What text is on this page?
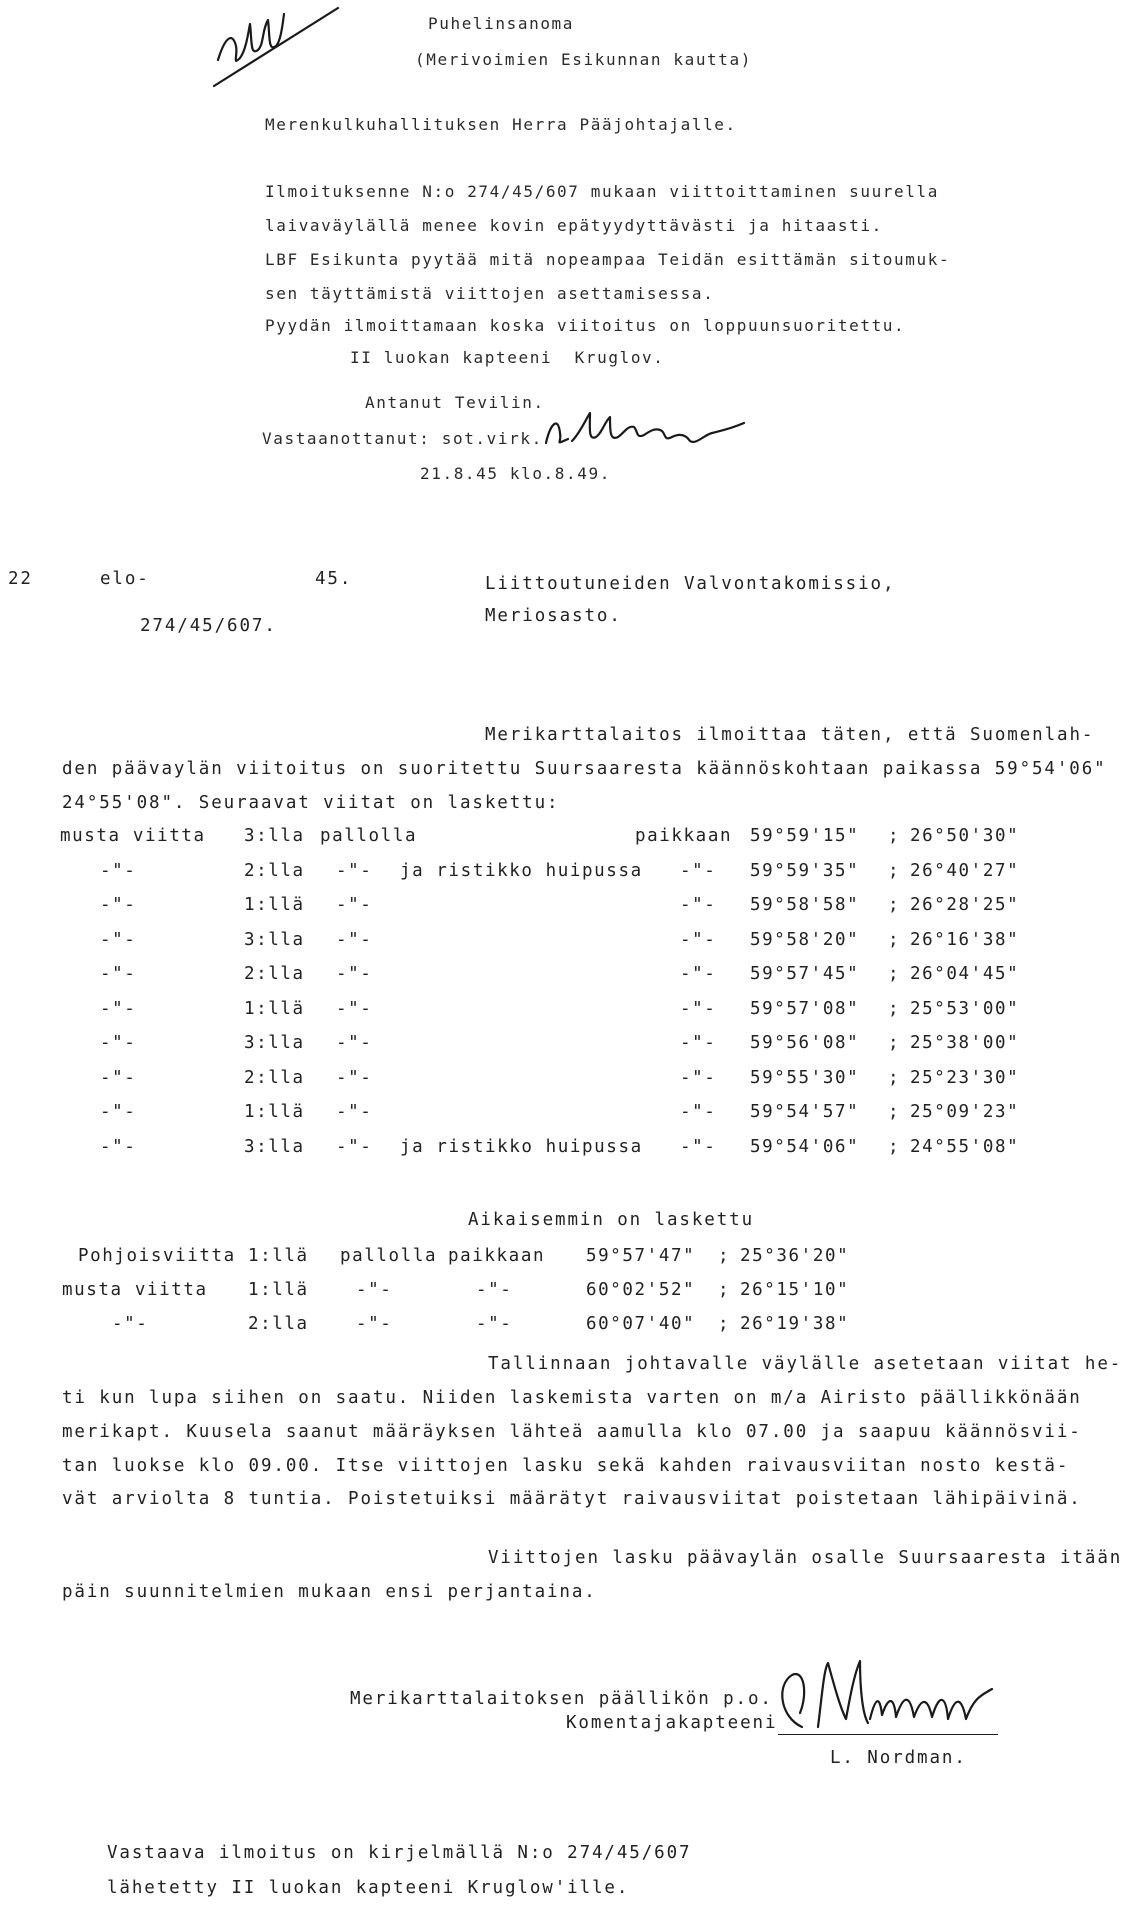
Puhelinsanoma
(Merivoimien Esikunnan kautta)
Merenkulkuhallituksen Herra Pääjohtajalle.
Ilmoituksenne N:o 274/45/607 mukaan viittoittaminen suurella
laivaväylällä menee kovin epätyydyttävästi ja hitaasti.
LBF Esikunta pyytää mitä nopeampaa Teidän esittämän sitoumuk-
sen täyttämistä viittojen asettamisessa.
Pyydän ilmoittamaan koska viitoitus on loppuunsuoritettu.
II luokan kapteeni  Kruglov.
Antanut Tevilin.
Vastaanottanut: sot.virk.
21.8.45 klo.8.49.
22	elo-	45.
274/45/607.
Liittoutuneiden Valvontakomissio,
Meriosasto.
Merikarttalaitos ilmoittaa täten, että Suomenlah-
den päävaylän viitoitus on suoritettu Suursaaresta käännöskohtaan paikassa 59°54'06"
24°55'08". Seuraavat viitat on laskettu:
musta viitta 3:lla pallolla	paikkaan 59°59'15" ; 26°50'30"
-"-	2:lla -"- ja ristikko huipussa -"- 59°59'35" ; 26°40'27"
-"-	1:llä -"-	-"- 59°58'58" ; 26°28'25"
-"-	3:lla -"-	-"- 59°58'20" ; 26°16'38"
-"-	2:lla -"-	-"- 59°57'45" ; 26°04'45"
-"-	1:llä -"-	-"- 59°57'08" ; 25°53'00"
-"-	3:lla -"-	-"- 59°56'08" ; 25°38'00"
-"-	2:lla -"-	-"- 59°55'30" ; 25°23'30"
-"-	1:llä -"-	-"- 59°54'57" ; 25°09'23"
-"-	3:lla -"- ja ristikko huipussa -"- 59°54'06" ; 24°55'08"
Aikaisemmin on laskettu
Pohjoisviitta 1:llä pallolla paikkaan 59°57'47" ; 25°36'20"
musta viitta 1:llä	-"-	-"-	60°02'52" ; 26°15'10"
-"-	2:lla	-"-	-"-	60°07'40" ; 26°19'38"
Tallinnaan johtavalle väylälle asetetaan viitat he-
ti kun lupa siihen on saatu. Niiden laskemista varten on m/a Airisto päällikkönään
merikapt. Kuusela saanut määräyksen lähteä aamulla klo 07.00 ja saapuu käännösvii-
tan luokse klo 09.00. Itse viittojen lasku sekä kahden raivausviitan nosto kestä-
vät arviolta 8 tuntia. Poistetuiksi määrätyt raivausviitat poistetaan lähipäivinä.
Viittojen lasku päävaylän osalle Suursaaresta itään
päin suunnitelmien mukaan ensi perjantaina.
Merikarttalaitoksen päällikön p.o.
Komentajakapteeni
L. Nordman.
Vastaava ilmoitus on kirjelmällä N:o 274/45/607
lähetetty II luokan kapteeni Kruglow'ille.
